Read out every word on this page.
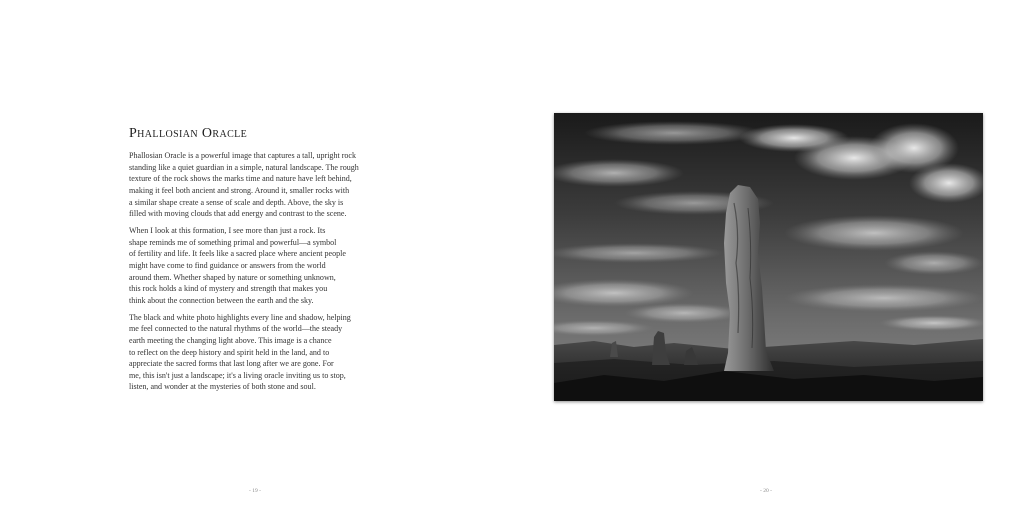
Phallosian Oracle

Phallosian Oracle is a powerful image that captures a tall, upright rock
standing like a quiet guardian in a simple, natural landscape. The rough
texture of the rock shows the marks time and nature have left behind,
making it feel both ancient and strong. Around it, smaller rocks with
a similar shape create a sense of scale and depth. Above, the sky is
filled with moving clouds that add energy and contrast to the scene.

When I look at this formation, I see more than just a rock. Its
shape reminds me of something primal and powerful—a symbol
of fertility and life. It feels like a sacred place where ancient people
might have come to find guidance or answers from the world
around them. Whether shaped by nature or something unknown,
this rock holds a kind of mystery and strength that makes you
think about the connection between the earth and the sky.

The black and white photo highlights every line and shadow, helping
me feel connected to the natural rhythms of the world—the steady
earth meeting the changing light above. This image is a chance
to reflect on the deep history and spirit held in the land, and to
appreciate the sacred forms that last long after we are gone. For
me, this isn't just a landscape; it's a living oracle inviting us to stop,
listen, and wonder at the mysteries of both stone and soul.

- 19 -	- 20 -
